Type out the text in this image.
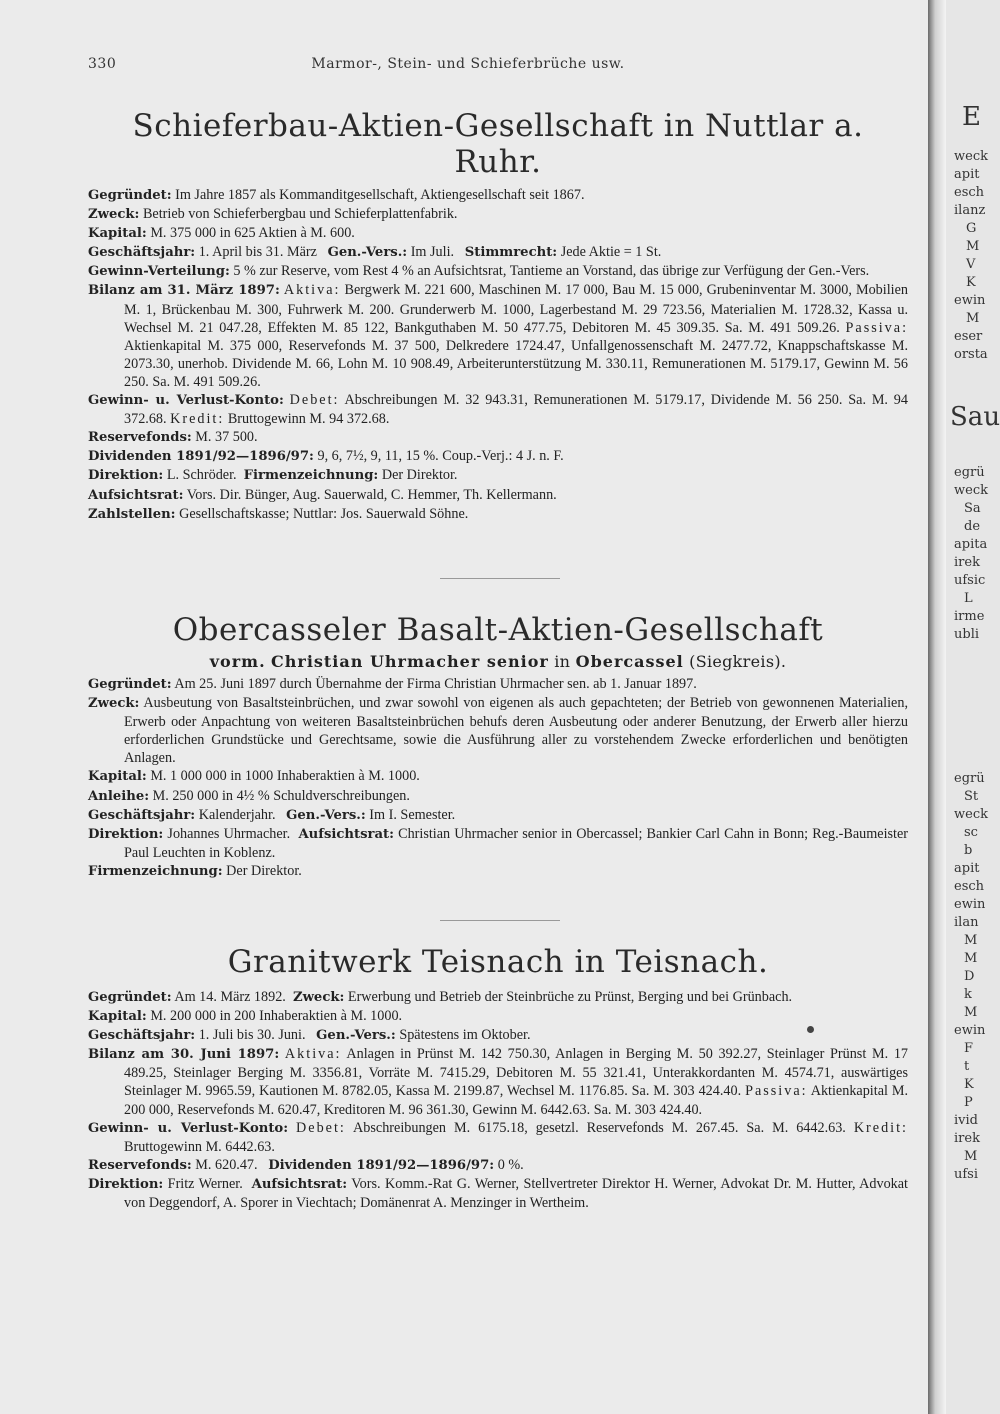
330	Marmor-, Stein- und Schieferbrüche usw.
Schieferbau-Aktien-Gesellschaft in Nuttlar a. Ruhr.

Gegründet: Im Jahre 1857 als Kommanditgesellschaft, Aktiengesellschaft seit 1867.

Zweck: Betrieb von Schieferbergbau und Schieferplattenfabrik.

Kapital: M. 375 000 in 625 Aktien à M. 600.

Geschäftsjahr: 1. April bis 31. März Gen.-Vers.: Im Juli. Stimmrecht: Jede Aktie = 1 St.

Gewinn-Verteilung: 5 % zur Reserve, vom Rest 4 % an Aufsichtsrat, Tantieme an Vorstand, das übrige zur Verfügung der Gen.-Vers.

Bilanz am 31. März 1897: Aktiva: Bergwerk M. 221 600, Maschinen M. 17 000, Bau M. 15 000, Grubeninventar M. 3000, Mobilien M. 1, Brückenbau M. 300, Fuhrwerk M. 200. Grunderwerb M. 1000, Lagerbestand M. 29 723.56, Materialien M. 1728.32, Kassa u. Wechsel M. 21 047.28, Effekten M. 85 122, Bankguthaben M. 50 477.75, Debitoren M. 45 309.35. Sa. M. 491 509.26. Passiva: Aktienkapital M. 375 000, Reservefonds M. 37 500, Delkredere 1724.47, Unfallgenossenschaft M. 2477.72, Knappschaftskasse M. 2073.30, unerhob. Dividende M. 66, Lohn M. 10 908.49, Arbeiterunterstützung M. 330.11, Remunerationen M. 5179.17, Gewinn M. 56 250. Sa. M. 491 509.26.

Gewinn- u. Verlust-Konto: Debet: Abschreibungen M. 32 943.31, Remunerationen M. 5179.17, Dividende M. 56 250. Sa. M. 94 372.68. Kredit: Bruttogewinn M. 94 372.68.

Reservefonds: M. 37 500.

Dividenden 1891/92—1896/97: 9, 6, 7½, 9, 11, 15 %. Coup.-Verj.: 4 J. n. F.

Direktion: L. Schröder. Firmenzeichnung: Der Direktor.

Aufsichtsrat: Vors. Dir. Bünger, Aug. Sauerwald, C. Hemmer, Th. Kellermann.

Zahlstellen: Gesellschaftskasse; Nuttlar: Jos. Sauerwald Söhne.

Obercasseler Basalt-Aktien-Gesellschaft
vorm. Christian Uhrmacher senior in Obercassel (Siegkreis).

Gegründet: Am 25. Juni 1897 durch Übernahme der Firma Christian Uhrmacher sen. ab 1. Januar 1897.

Zweck: Ausbeutung von Basaltsteinbrüchen, und zwar sowohl von eigenen als auch gepachteten; der Betrieb von gewonnenen Materialien, Erwerb oder Anpachtung von weiteren Basaltsteinbrüchen behufs deren Ausbeutung oder anderer Benutzung, der Erwerb aller hierzu erforderlichen Grundstücke und Gerechtsame, sowie die Ausführung aller zu vorstehendem Zwecke erforderlichen und benötigten Anlagen.

Kapital: M. 1 000 000 in 1000 Inhaberaktien à M. 1000.

Anleihe: M. 250 000 in 4½ % Schuldverschreibungen.

Geschäftsjahr: Kalenderjahr. Gen.-Vers.: Im I. Semester.

Direktion: Johannes Uhrmacher. Aufsichtsrat: Christian Uhrmacher senior in Obercassel; Bankier Carl Cahn in Bonn; Reg.-Baumeister Paul Leuchten in Koblenz.

Firmenzeichnung: Der Direktor.

Granitwerk Teisnach in Teisnach.

Gegründet: Am 14. März 1892. Zweck: Erwerbung und Betrieb der Steinbrüche zu Prünst, Berging und bei Grünbach.

Kapital: M. 200 000 in 200 Inhaberaktien à M. 1000.

Geschäftsjahr: 1. Juli bis 30. Juni. Gen.-Vers.: Spätestens im Oktober.

Bilanz am 30. Juni 1897: Aktiva: Anlagen in Prünst M. 142 750.30, Anlagen in Berging M. 50 392.27, Steinlager Prünst M. 17 489.25, Steinlager Berging M. 3356.81, Vorräte M. 7415.29, Debitoren M. 55 321.41, Unterakkordanten M. 4574.71, auswärtiges Steinlager M. 9965.59, Kautionen M. 8782.05, Kassa M. 2199.87, Wechsel M. 1176.85. Sa. M. 303 424.40. Passiva: Aktienkapital M. 200 000, Reservefonds M. 620.47, Kreditoren M. 96 361.30, Gewinn M. 6442.63. Sa. M. 303 424.40.

Gewinn- u. Verlust-Konto: Debet: Abschreibungen M. 6175.18, gesetzl. Reservefonds M. 267.45. Sa. M. 6442.63. Kredit: Bruttogewinn M. 6442.63.

Reservefonds: M. 620.47. Dividenden 1891/92—1896/97: 0 %.

Direktion: Fritz Werner. Aufsichtsrat: Vors. Komm.-Rat G. Werner, Stellvertreter Direktor H. Werner, Advokat Dr. M. Hutter, Advokat von Deggendorf, A. Sporer in Viechtach; Domänenrat A. Menzinger in Wertheim.

E
weck
apit
esch
ilanz
G
M
V
K
ewin
M
eser
orsta
Sau
egrü
weck
Sa
de
apita
irek
ufsic
L
irme
ubli
egrü
St
weck
sc
b
apit
esch
ewin
ilan
M
M
D
k
M
ewin
F
t
K
P
ivid
irek
M
ufsi
